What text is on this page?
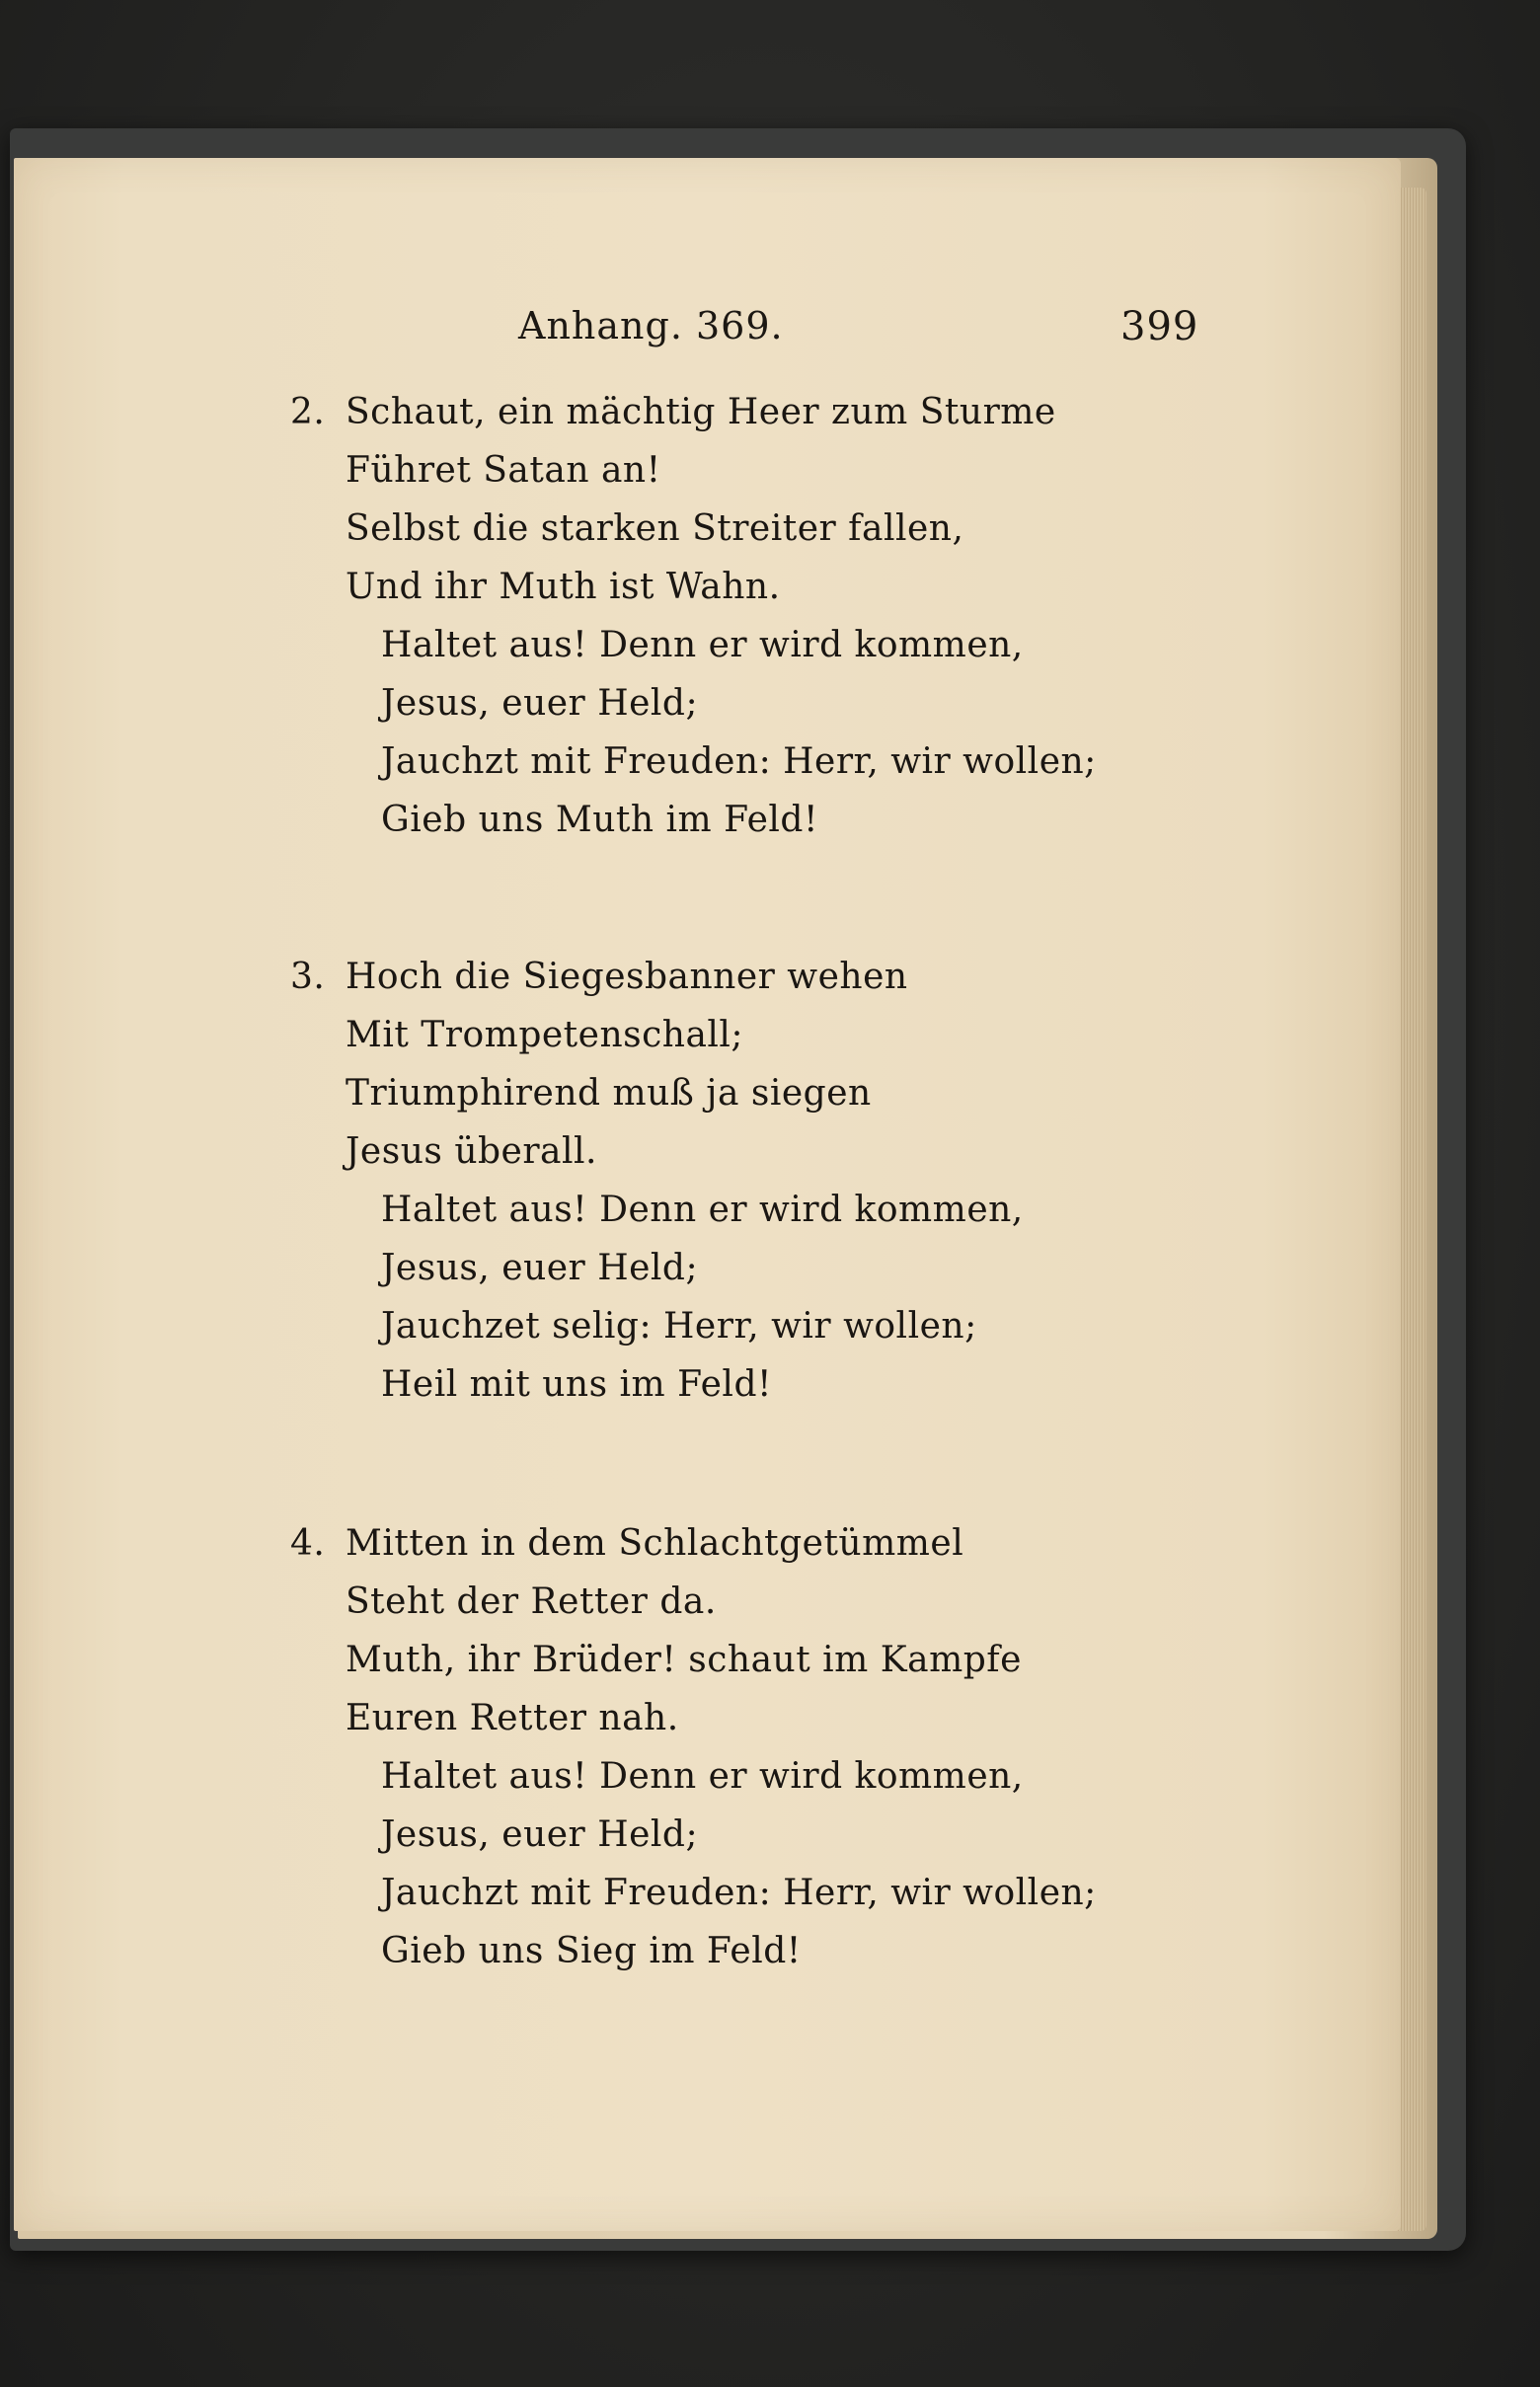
Anhang. 369.	399
2. Schaut, ein mächtig Heer zum Sturme
Führet Satan an!
Selbst die starken Streiter fallen,
Und ihr Muth ist Wahn.
Haltet aus! Denn er wird kommen,
Jesus, euer Held;
Jauchzt mit Freuden: Herr, wir wollen;
Gieb uns Muth im Feld!
3. Hoch die Siegesbanner wehen
Mit Trompetenschall;
Triumphirend muß ja siegen
Jesus überall.
Haltet aus! Denn er wird kommen,
Jesus, euer Held;
Jauchzet selig: Herr, wir wollen;
Heil mit uns im Feld!
4. Mitten in dem Schlachtgetümmel
Steht der Retter da.
Muth, ihr Brüder! schaut im Kampfe
Euren Retter nah.
Haltet aus! Denn er wird kommen,
Jesus, euer Held;
Jauchzt mit Freuden: Herr, wir wollen;
Gieb uns Sieg im Feld!
